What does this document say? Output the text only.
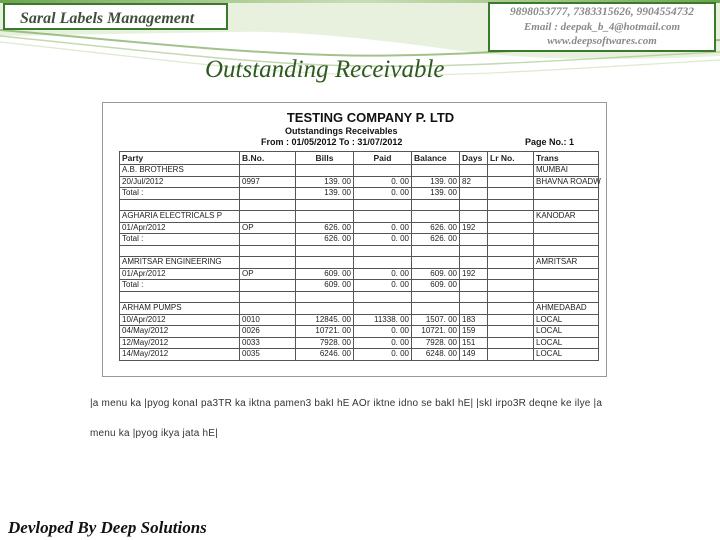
Saral Labels Management	9898053777, 7383315626, 9904554732
Email : deepak_b_4@hotmail.com
www.deepsoftwares.com
Outstanding Receivable
TESTING COMPANY P. LTD
Outstandings Receivables
From : 01/05/2012 To : 31/07/2012	Page No.: 1
Party	B.No.	Bills	Paid	Balance	Days	Lr No.	Trans
A.B. BROTHERS							MUMBAI
20/Jul/2012	0997	139. 00	0. 00	139. 00	82		BHAVNA ROADW
Total :		139. 00	0. 00	139. 00			

AGHARIA ELECTRICALS P							KANODAR
01/Apr/2012	OP	626. 00	0. 00	626. 00	192		
Total :		626. 00	0. 00	626. 00			

AMRITSAR ENGINEERING							AMRITSAR
01/Apr/2012	OP	609. 00	0. 00	609. 00	192		
Total :		609. 00	0. 00	609. 00			

ARHAM PUMPS							AHMEDABAD
10/Apr/2012	0010	12845. 00	11338. 00	1507. 00	183		LOCAL
04/May/2012	0026	10721. 00	0. 00	10721. 00	159		LOCAL
12/May/2012	0033	7928. 00	0. 00	7928. 00	151		LOCAL
14/May/2012	0035	6246. 00	0. 00	6248. 00	149		LOCAL
|a menu ka |pyog konaI pa3TR ka iktna pamen3 bakI hE AOr iktne idno se bakI hE| |skI irpo3R deqne ke ilye |a
menu ka |pyog ikya jata hE|
Devloped By Deep Solutions
